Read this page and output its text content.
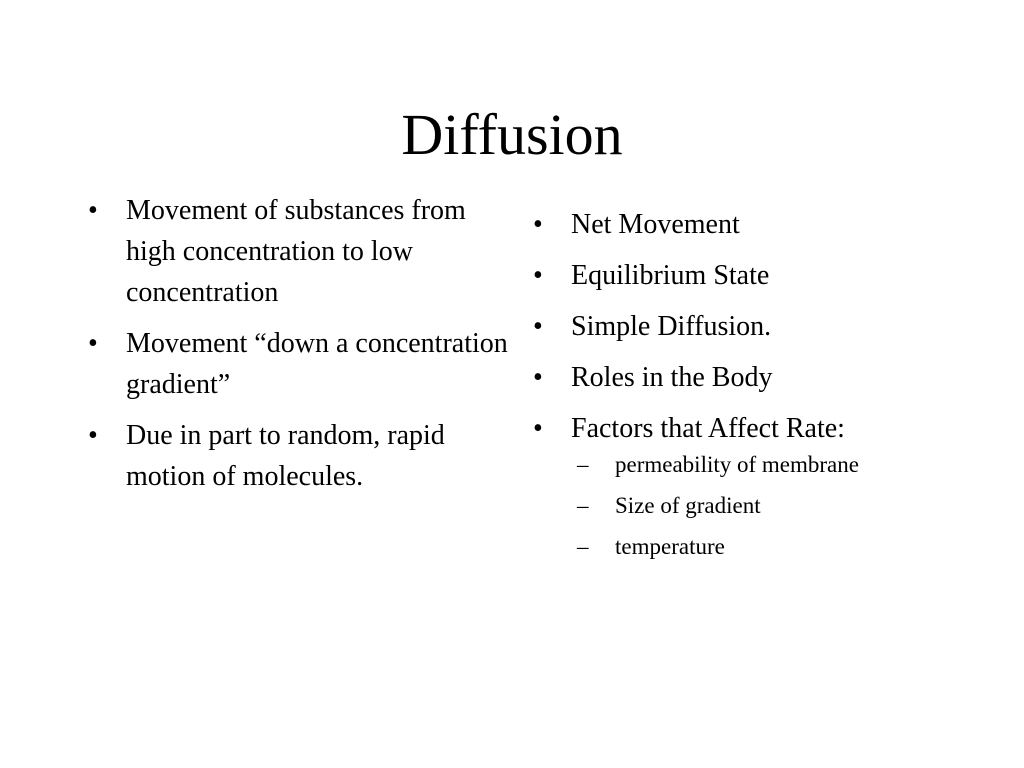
Diffusion
•	Movement of substances from high concentration to low concentration
•	Movement “down a concentration gradient”
•	Due in part to random, rapid motion of molecules.
•	Net Movement
•	Equilibrium State
•	Simple Diffusion.
•	Roles in the Body
•	Factors that Affect Rate:
–	permeability of membrane
–	Size of gradient
–	temperature
